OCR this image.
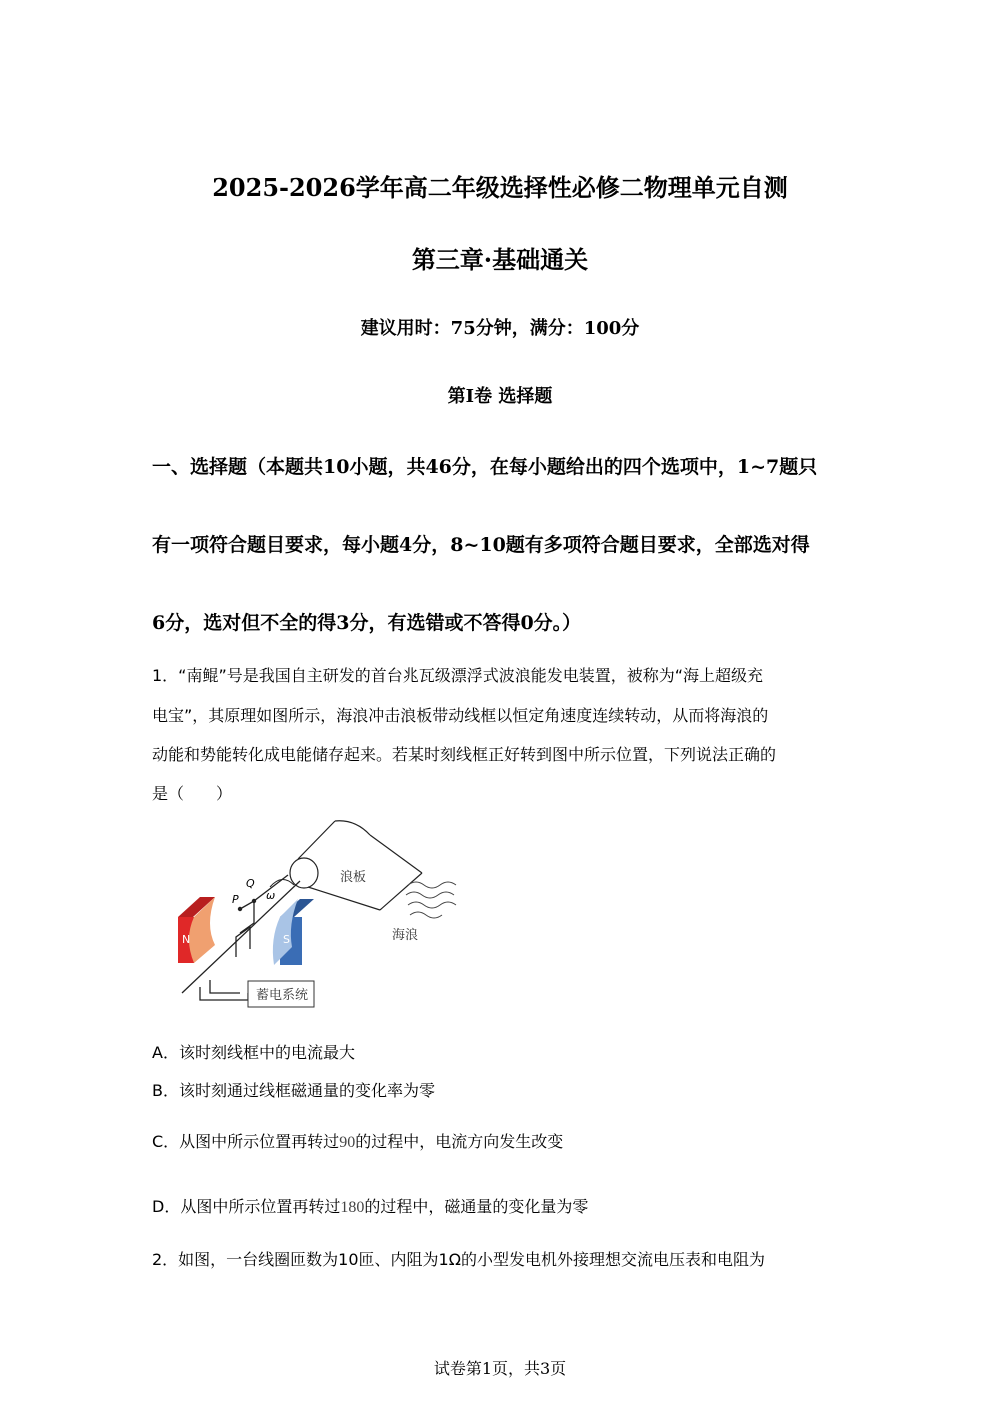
2025-2026学年高二年级选择性必修二物理单元自测
第三章·基础通关
建议用时：75分钟，满分：100分
第Ⅰ卷 选择题
一、选择题（本题共10小题，共46分，在每小题给出的四个选项中，1~7题只
有一项符合题目要求，每小题4分，8~10题有多项符合题目要求，全部选对得
6分，选对但不全的得3分，有选错或不答得0分。）
1．“南鲲”号是我国自主研发的首台兆瓦级漂浮式波浪能发电装置，被称为“海上超级充
电宝”，其原理如图所示，海浪冲击浪板带动线框以恒定角速度连续转动，从而将海浪的
动能和势能转化成电能储存起来。若某时刻线框正好转到图中所示位置，下列说法正确的
是（　　）
N	S
P
Q
ω
浪板
海浪
蓄电系统
A．该时刻线框中的电流最大
B．该时刻通过线框磁通量的变化率为零
C．从图中所示位置再转过90的过程中，电流方向发生改变
D．从图中所示位置再转过180的过程中，磁通量的变化量为零
2．如图，一台线圈匝数为10匝、内阻为1Ω的小型发电机外接理想交流电压表和电阻为
试卷第1页，共3页
